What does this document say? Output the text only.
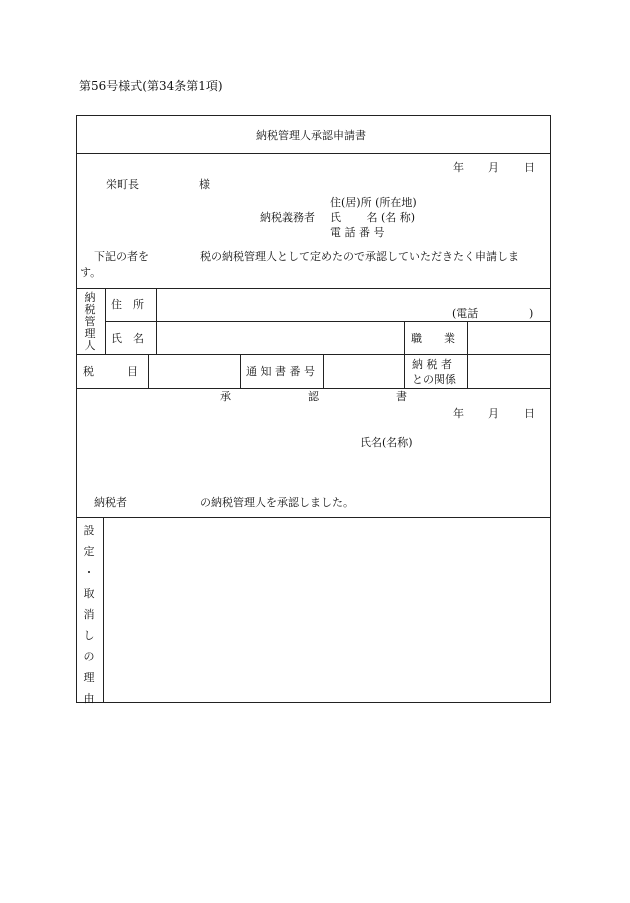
第56号様式(第34条第1項)
納税管理人承認申請書
年 月 日
栄町長	様
住(居)所 (所在地)
納税義務者 氏　　 名 (名 称)
電 話 番 号
下記の者を	税の納税管理人として定めたので承認していただきたく申請しま
す。
納
税
管
理
人
住　所
(電話	)
氏　名	職　　業
税　　　目	通 知 書 番 号
納 税 者
との関係
承	認	書
年 月 日
氏名(名称)
納税者	の納税管理人を承認しました。
設
定
・
取
消
し
の
理
由
